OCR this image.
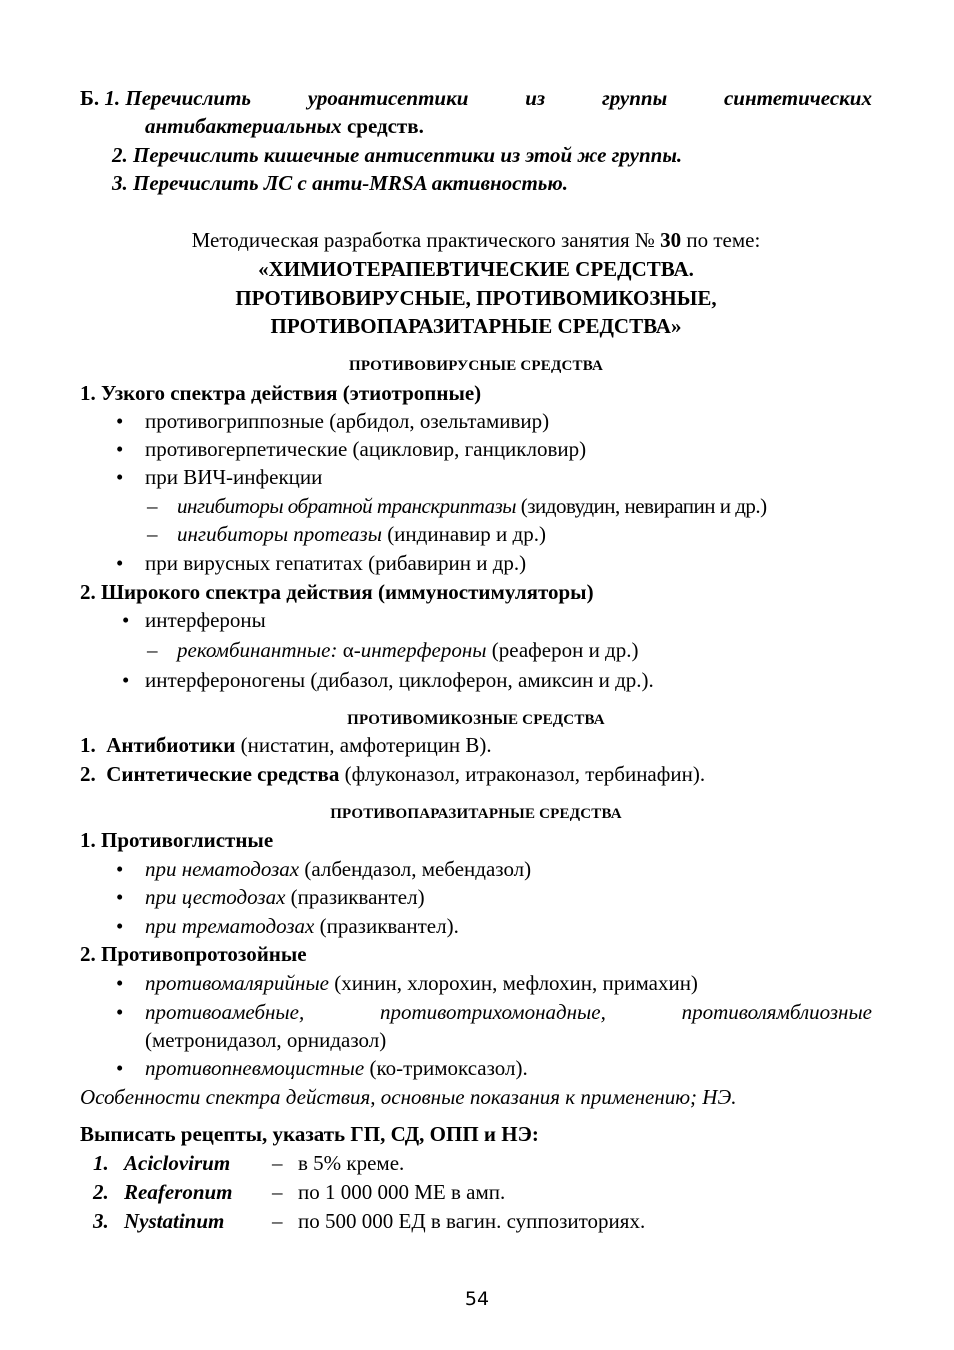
Б. 1. Перечислить	уроантисептики	из	группы	синтетических
антибактериальных средств.
2. Перечислить кишечные антисептики из этой же группы.
3. Перечислить ЛС с анти-MRSA активностью.
Методическая разработка практического занятия № 30 по теме:
«ХИМИОТЕРАПЕВТИЧЕСКИЕ СРЕДСТВА.
ПРОТИВОВИРУСНЫЕ, ПРОТИВОМИКОЗНЫЕ,
ПРОТИВОПАРАЗИТАРНЫЕ СРЕДСТВА»
ПРОТИВОВИРУСНЫЕ СРЕДСТВА
1. Узкого спектра действия (этиотропные)
• противогриппозные (арбидол, озельтамивир)
• противогерпетические (ацикловир, ганцикловир)
• при ВИЧ-инфекции
– ингибиторы обратной транскриптазы (зидовудин, невирапин и др.)
– ингибиторы протеазы (индинавир и др.)
• при вирусных гепатитах (рибавирин и др.)
2. Широкого спектра действия (иммуностимуляторы)
• интерфероны
– рекомбинантные: α-интерфероны (реаферон и др.)
• интерфероногены (дибазол, циклоферон, амиксин и др.).
ПРОТИВОМИКОЗНЫЕ СРЕДСТВА
1.  Антибиотики (нистатин, амфотерицин В).
2.  Синтетические средства (флуконазол, итраконазол, тербинафин).
ПРОТИВОПАРАЗИТАРНЫЕ СРЕДСТВА
1. Противоглистные
• при нематодозах (албендазол, мебендазол)
• при цестодозах (празиквантел)
• при трематодозах (празиквантел).
2. Противопротозойные
• противомалярийные (хинин, хлорохин, мефлохин, примахин)
• противоамебные,	противотрихомонадные,	противолямблиозные
(метронидазол, орнидазол)
• противопневмоцистные (ко-тримоксазол).
Особенности спектра действия, основные показания к применению; НЭ.
Выписать рецепты, указать ГП, СД, ОПП и НЭ:
1. Aciclovirum – в 5% креме.
2. Reaferonum – по 1 000 000 МЕ в амп.
3. Nystatinum – по 500 000 ЕД в вагин. суппозиториях.
54
